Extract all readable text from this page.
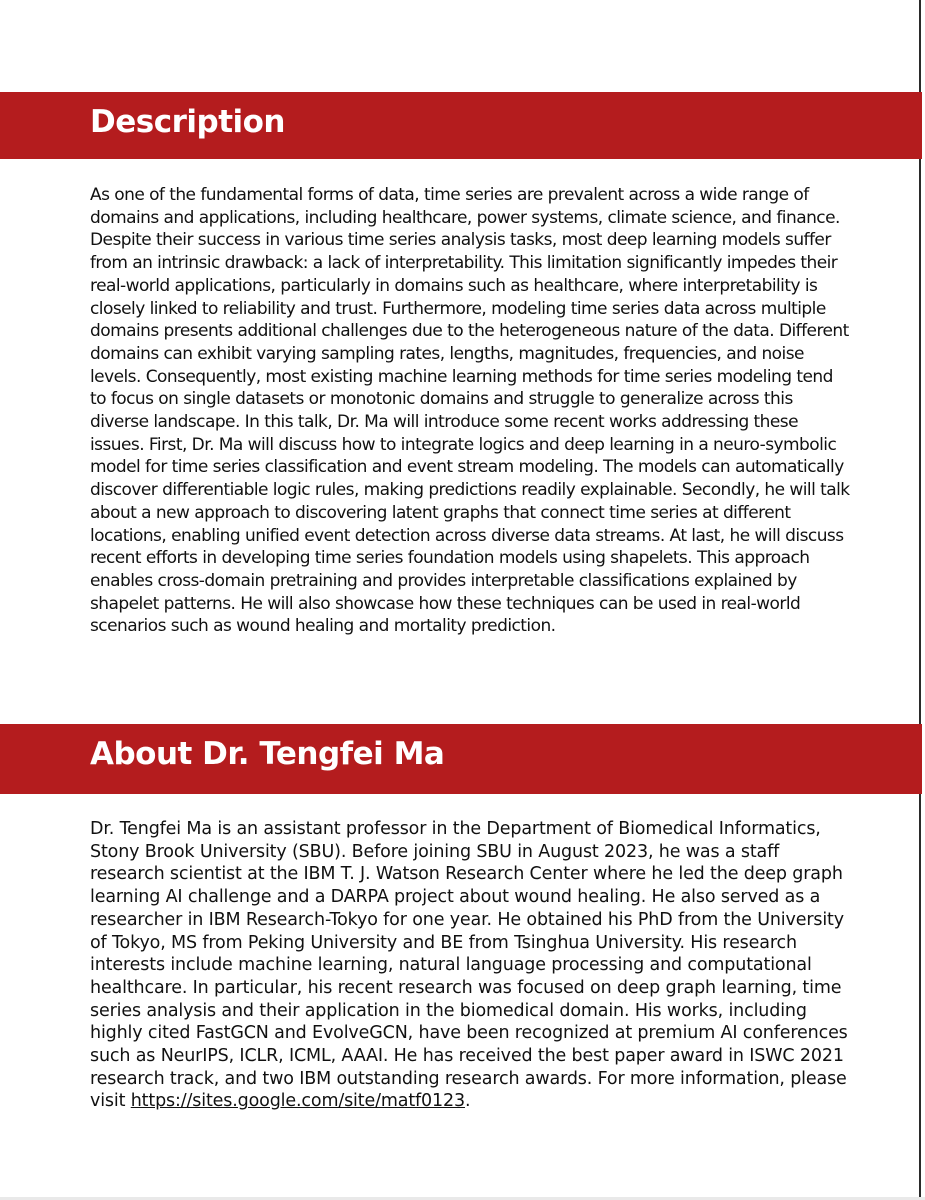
Description

As one of the fundamental forms of data, time series are prevalent across a wide range of domains and applications, including healthcare, power systems, climate science, and finance. Despite their success in various time series analysis tasks, most deep learning models suffer from an intrinsic drawback: a lack of interpretability. This limitation significantly impedes their real-world applications, particularly in domains such as healthcare, where interpretability is closely linked to reliability and trust. Furthermore, modeling time series data across multiple domains presents additional challenges due to the heterogeneous nature of the data. Different domains can exhibit varying sampling rates, lengths, magnitudes, frequencies, and noise levels. Consequently, most existing machine learning methods for time series modeling tend to focus on single datasets or monotonic domains and struggle to generalize across this diverse landscape. In this talk, Dr. Ma will introduce some recent works addressing these issues. First, Dr. Ma will discuss how to integrate logics and deep learning in a neuro-symbolic model for time series classification and event stream modeling. The models can automatically discover differentiable logic rules, making predictions readily explainable. Secondly, he will talk about a new approach to discovering latent graphs that connect time series at different locations, enabling unified event detection across diverse data streams. At last, he will discuss recent efforts in developing time series foundation models using shapelets. This approach enables cross-domain pretraining and provides interpretable classifications explained by shapelet patterns. He will also showcase how these techniques can be used in real-world scenarios such as wound healing and mortality prediction.

About Dr. Tengfei Ma

Dr. Tengfei Ma is an assistant professor in the Department of Biomedical Informatics, Stony Brook University (SBU). Before joining SBU in August 2023, he was a staff research scientist at the IBM T. J. Watson Research Center where he led the deep graph learning AI challenge and a DARPA project about wound healing. He also served as a researcher in IBM Research-Tokyo for one year. He obtained his PhD from the University of Tokyo, MS from Peking University and BE from Tsinghua University. His research interests include machine learning, natural language processing and computational healthcare. In particular, his recent research was focused on deep graph learning, time series analysis and their application in the biomedical domain. His works, including highly cited FastGCN and EvolveGCN, have been recognized at premium AI conferences such as NeurIPS, ICLR, ICML, AAAI. He has received the best paper award in ISWC 2021 research track, and two IBM outstanding research awards. For more information, please visit https://sites.google.com/site/matf0123.
